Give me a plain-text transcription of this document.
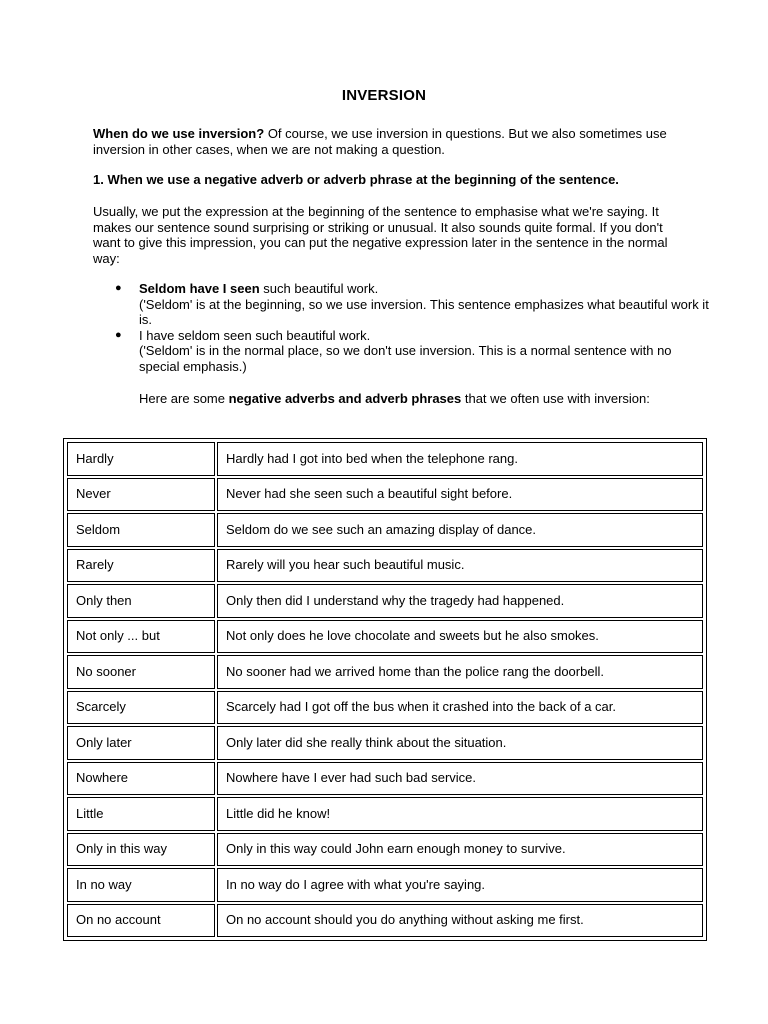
INVERSION

When do we use inversion? Of course, we use inversion in questions. But we also sometimes use inversion in other cases, when we are not making a question.

1. When we use a negative adverb or adverb phrase at the beginning of the sentence.

Usually, we put the expression at the beginning of the sentence to emphasise what we're saying. It makes our sentence sound surprising or striking or unusual. It also sounds quite formal. If you don't want to give this impression, you can put the negative expression later in the sentence in the normal way:

● Seldom have I seen such beautiful work.
('Seldom' is at the beginning, so we use inversion. This sentence emphasizes what beautiful work it is.
● I have seldom seen such beautiful work.
('Seldom' is in the normal place, so we don't use inversion. This is a normal sentence with no special emphasis.)

Here are some negative adverbs and adverb phrases that we often use with inversion:

Hardly	Hardly had I got into bed when the telephone rang.
Never	Never had she seen such a beautiful sight before.
Seldom	Seldom do we see such an amazing display of dance.
Rarely	Rarely will you hear such beautiful music.
Only then	Only then did I understand why the tragedy had happened.
Not only ... but	Not only does he love chocolate and sweets but he also smokes.
No sooner	No sooner had we arrived home than the police rang the doorbell.
Scarcely	Scarcely had I got off the bus when it crashed into the back of a car.
Only later	Only later did she really think about the situation.
Nowhere	Nowhere have I ever had such bad service.
Little	Little did he know!
Only in this way	Only in this way could John earn enough money to survive.
In no way	In no way do I agree with what you're saying.
On no account	On no account should you do anything without asking me first.
